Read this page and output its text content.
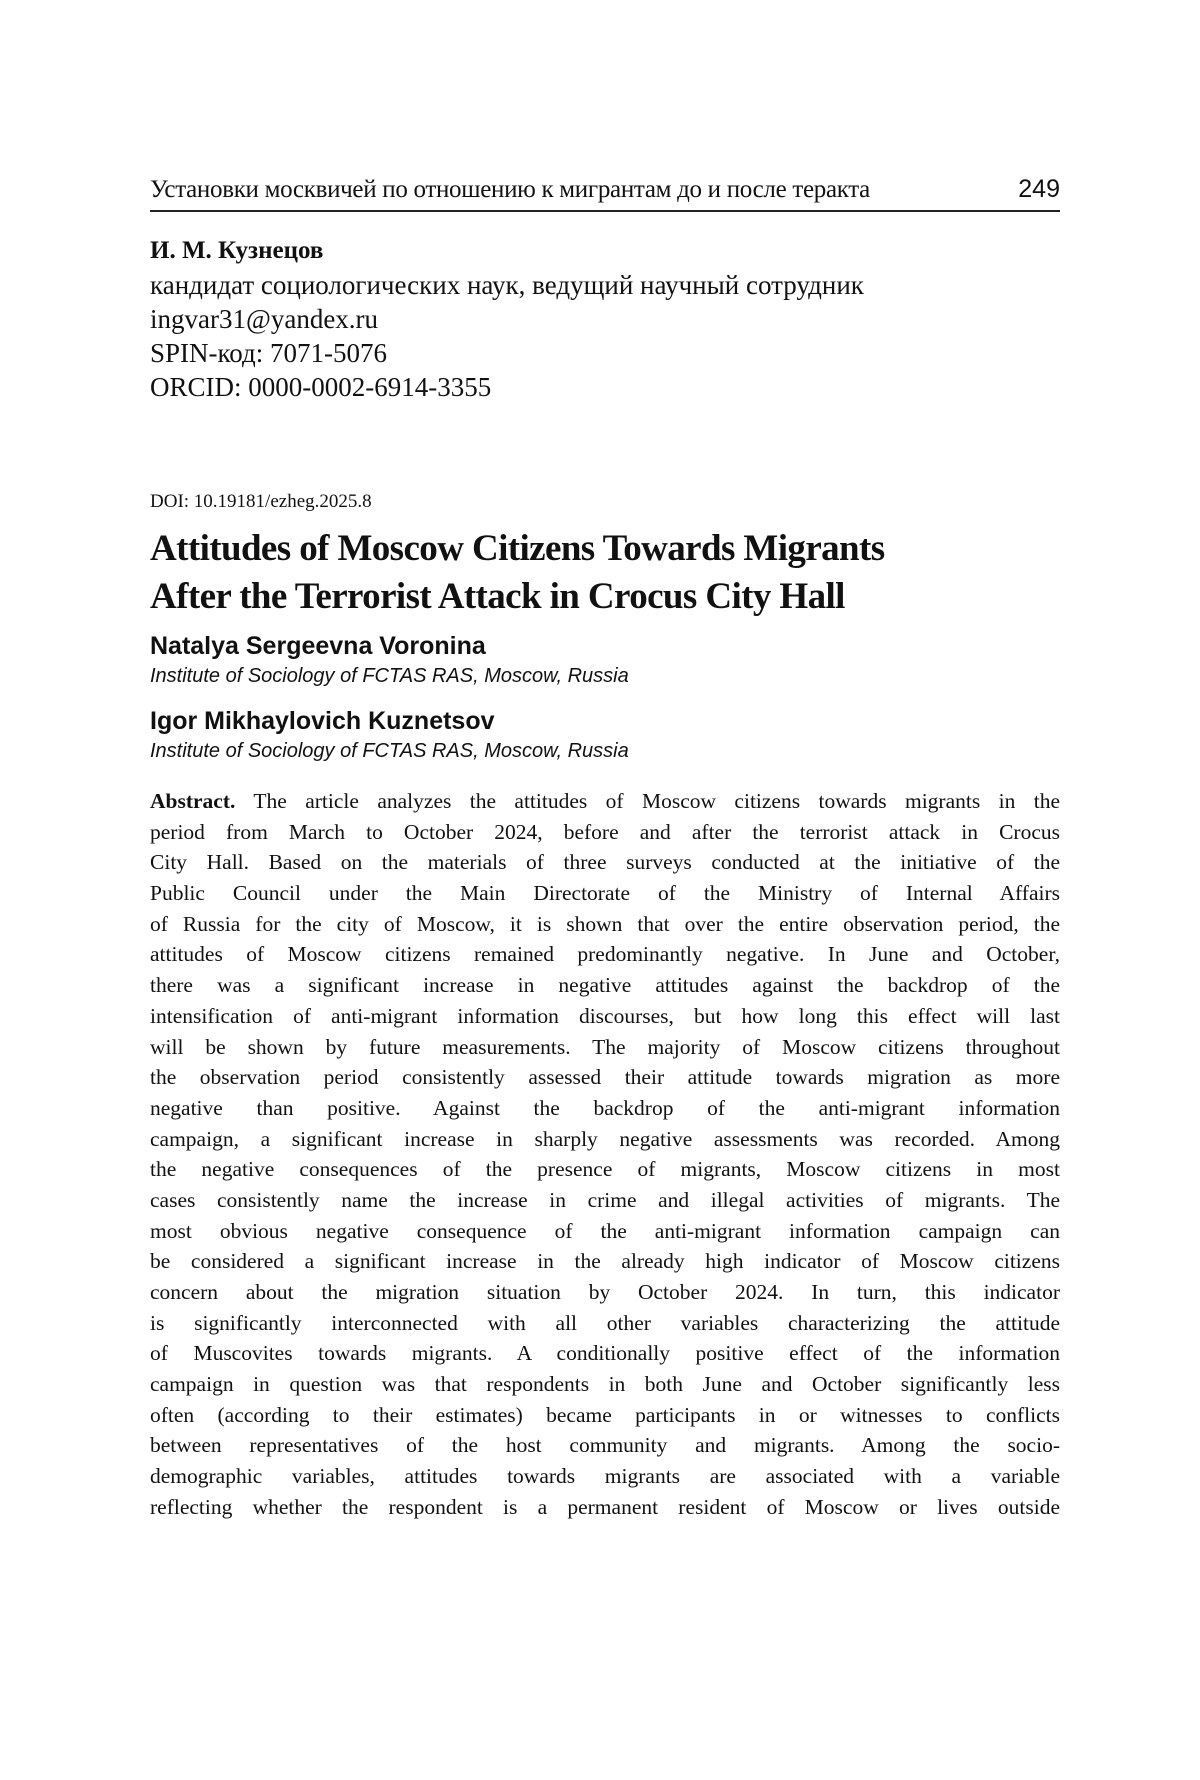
Установки москвичей по отношению к мигрантам до и после теракта	249
И. М. Кузнецов
кандидат социологических наук, ведущий научный сотрудник
ingvar31@yandex.ru
SPIN-код: 7071-5076
ORCID: 0000-0002-6914-3355
DOI: 10.19181/ezheg.2025.8
Attitudes of Moscow Citizens Towards Migrants
After the Terrorist Attack in Crocus City Hall
Natalya Sergeevna Voronina
Institute of Sociology of FCTAS RAS, Moscow, Russia
Igor Mikhaylovich Kuznetsov
Institute of Sociology of FCTAS RAS, Moscow, Russia
Abstract. The article analyzes the attitudes of Moscow citizens towards migrants in the
period from March to October 2024, before and after the terrorist attack in Crocus
City Hall. Based on the materials of three surveys conducted at the initiative of the
Public Council under the Main Directorate of the Ministry of Internal Affairs
of Russia for the city of Moscow, it is shown that over the entire observation period, the
attitudes of Moscow citizens remained predominantly negative. In June and October,
there was a significant increase in negative attitudes against the backdrop of the
intensification of anti-migrant information discourses, but how long this effect will last
will be shown by future measurements. The majority of Moscow citizens throughout
the observation period consistently assessed their attitude towards migration as more
negative than positive. Against the backdrop of the anti-migrant information
campaign, a significant increase in sharply negative assessments was recorded. Among
the negative consequences of the presence of migrants, Moscow citizens in most
cases consistently name the increase in crime and illegal activities of migrants. The
most obvious negative consequence of the anti-migrant information campaign can
be considered a significant increase in the already high indicator of Moscow citizens
concern about the migration situation by October 2024. In turn, this indicator
is significantly interconnected with all other variables characterizing the attitude
of Muscovites towards migrants. A conditionally positive effect of the information
campaign in question was that respondents in both June and October significantly less
often (according to their estimates) became participants in or witnesses to conflicts
between representatives of the host community and migrants. Among the socio-
demographic variables, attitudes towards migrants are associated with a variable
reflecting whether the respondent is a permanent resident of Moscow or lives outside
